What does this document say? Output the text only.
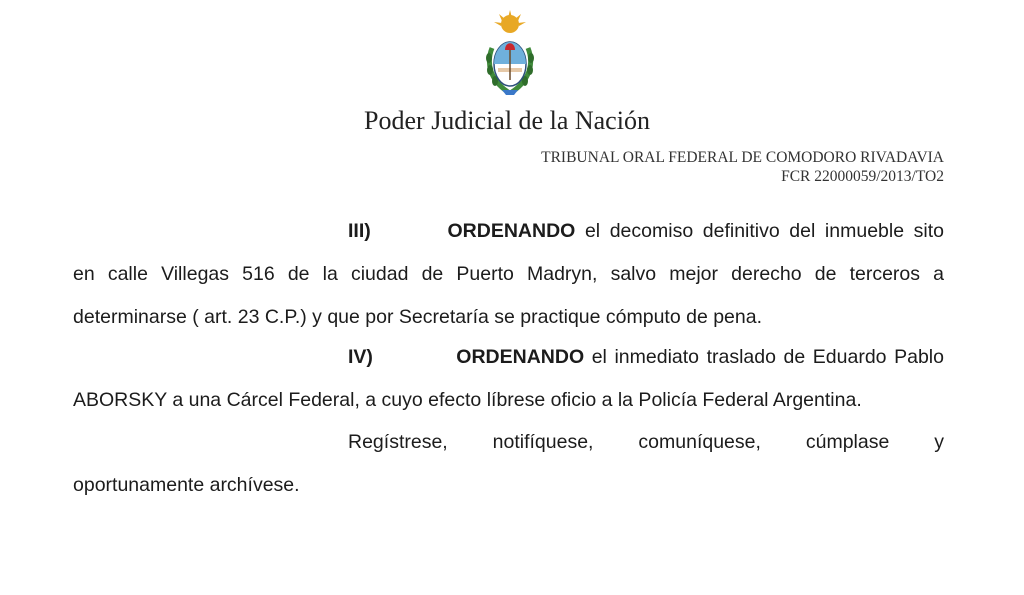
Poder Judicial de la Nación
TRIBUNAL ORAL FEDERAL DE COMODORO RIVADAVIA
FCR 22000059/2013/TO2
III)	ORDENANDO el decomiso definitivo del inmueble sito
en calle Villegas 516 de la ciudad de Puerto Madryn, salvo mejor derecho de terceros a
determinarse ( art. 23 C.P.) y que por Secretaría se practique cómputo de pena.
IV)	ORDENANDO el inmediato traslado de Eduardo Pablo
ABORSKY a una Cárcel Federal, a cuyo efecto líbrese oficio a la Policía Federal Argentina.
Regístrese, notifíquese, comuníquese, cúmplase y
oportunamente archívese.
